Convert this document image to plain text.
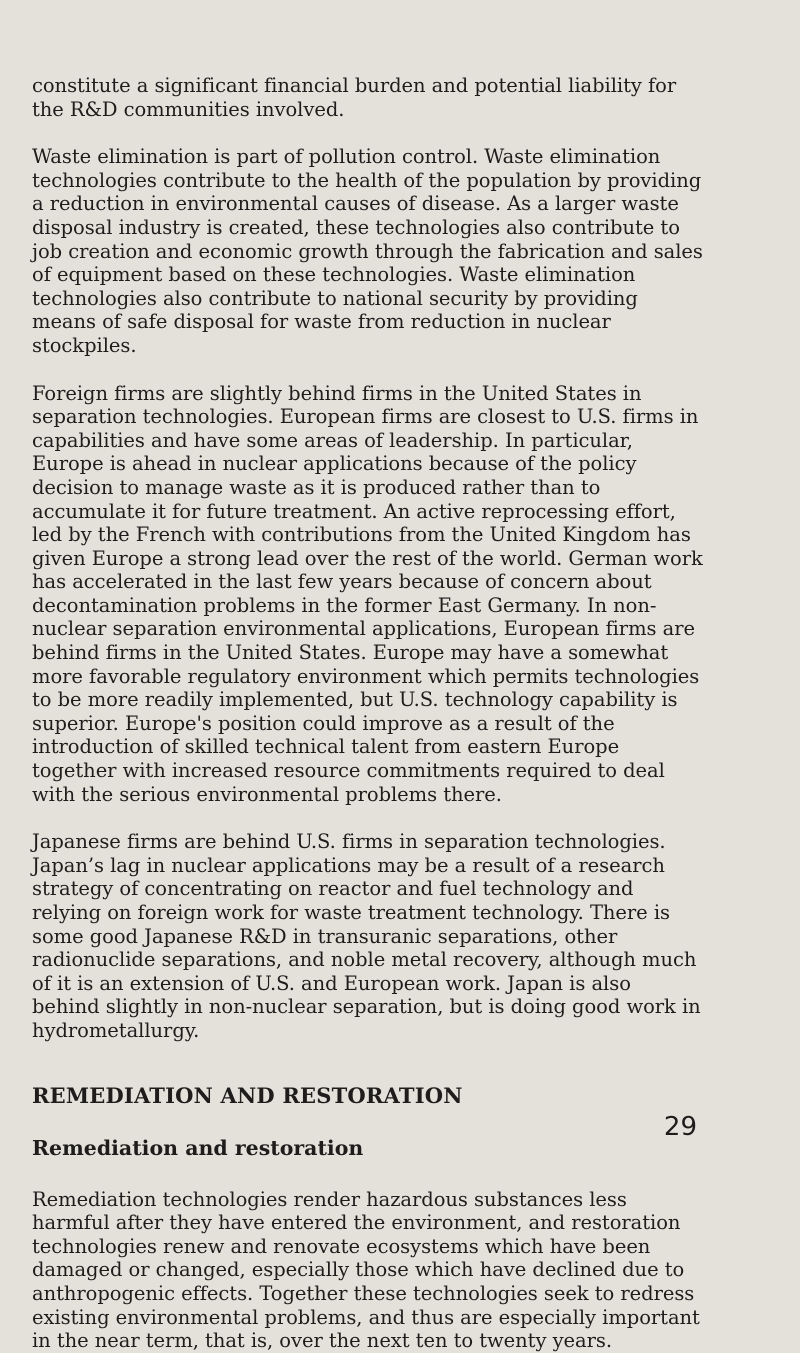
constitute a significant financial burden and potential liability for the R&D communities involved.

Waste elimination is part of pollution control. Waste elimination technologies contribute to the health of the population by providing a reduction in environmental causes of disease. As a larger waste disposal industry is created, these technologies also contribute to job creation and economic growth through the fabrication and sales of equipment based on these technologies. Waste elimination technologies also contribute to national security by providing means of safe disposal for waste from reduction in nuclear stockpiles.

Foreign firms are slightly behind firms in the United States in separation technologies. European firms are closest to U.S. firms in capabilities and have some areas of leadership. In particular, Europe is ahead in nuclear applications because of the policy decision to manage waste as it is produced rather than to accumulate it for future treatment. An active reprocessing effort, led by the French with contributions from the United Kingdom has given Europe a strong lead over the rest of the world. German work has accelerated in the last few years because of concern about decontamination problems in the former East Germany. In non-nuclear separation environmental applications, European firms are behind firms in the United States. Europe may have a somewhat more favorable regulatory environment which permits technologies to be more readily implemented, but U.S. technology capability is superior. Europe's position could improve as a result of the introduction of skilled technical talent from eastern Europe together with increased resource commitments required to deal with the serious environmental problems there.

Japanese firms are behind U.S. firms in separation technologies. Japan’s lag in nuclear applications may be a result of a research strategy of concentrating on reactor and fuel technology and relying on foreign work for waste treatment technology. There is some good Japanese R&D in transuranic separations, other radionuclide separations, and noble metal recovery, although much of it is an extension of U.S. and European work. Japan is also behind slightly in non-nuclear separation, but is doing good work in hydrometallurgy.

REMEDIATION AND RESTORATION
Remediation and restoration

Remediation technologies render hazardous substances less harmful after they have entered the environment, and restoration technologies renew and renovate ecosystems which have been damaged or changed, especially those which have declined due to anthropogenic effects. Together these technologies seek to redress existing environmental problems, and thus are especially important in the near term, that is, over the next ten to twenty years.

29
